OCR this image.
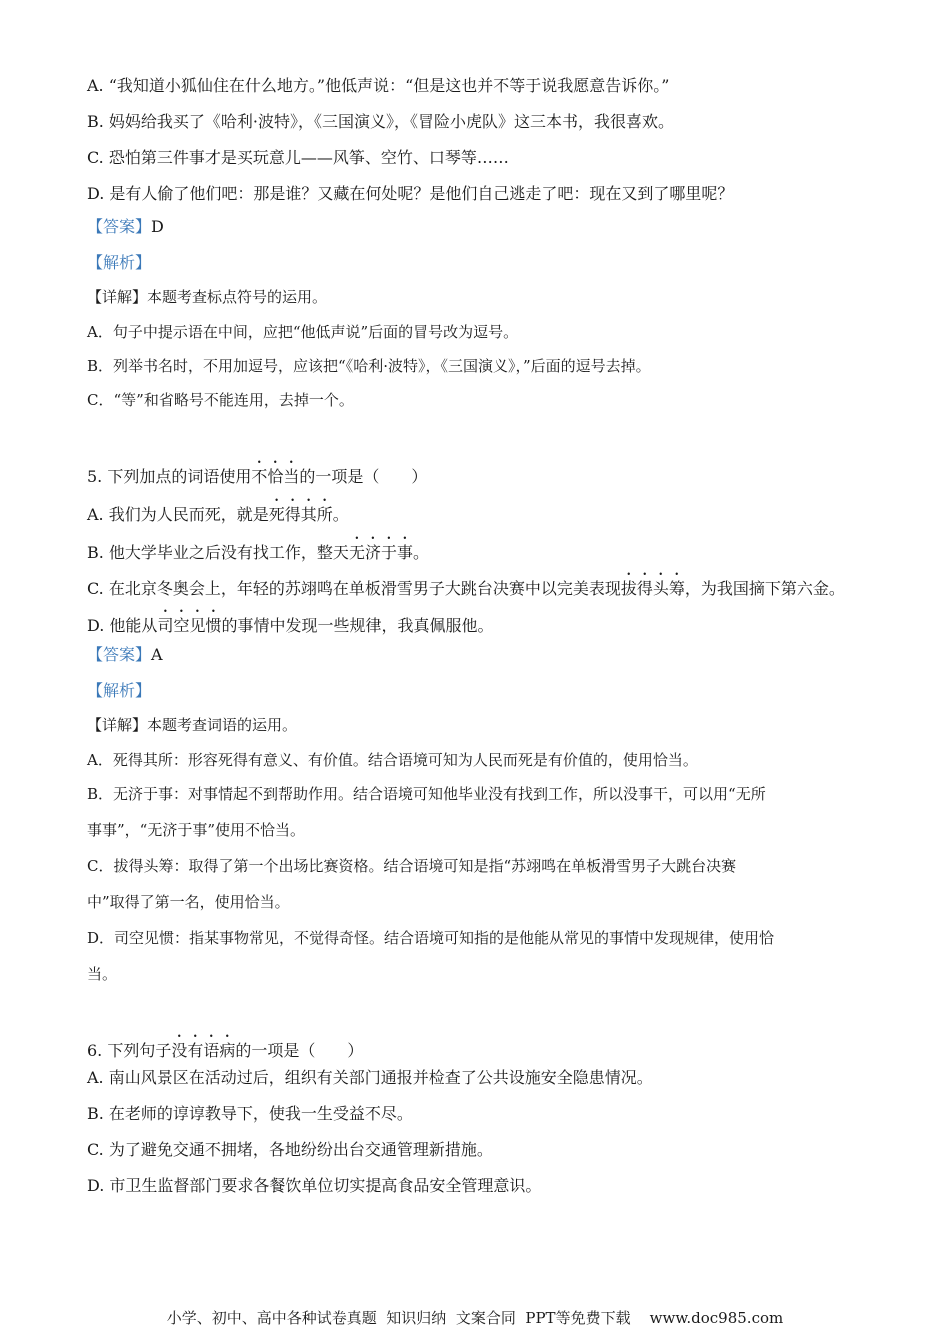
A. “我知道小狐仙住在什么地方。”他低声说：“但是这也并不等于说我愿意告诉你。”
B. 妈妈给我买了《哈利·波特》，《三国演义》，《冒险小虎队》这三本书，我很喜欢。
C. 恐怕第三件事才是买玩意儿——风筝、空竹、口琴等……
D. 是有人偷了他们吧：那是谁？又藏在何处呢？是他们自己逃走了吧：现在又到了哪里呢？
【答案】D
【解析】
【详解】本题考查标点符号的运用。
A．句子中提示语在中间，应把“他低声说”后面的冒号改为逗号。
B．列举书名时，不用加逗号，应该把“《哈利·波特》，《三国演义》，”后面的逗号去掉。
C．“等”和省略号不能连用，去掉一个。
5. 下列加点的词语使用不恰当的一项是（　　）
A. 我们为人民而死，就是死得其所。
B. 他大学毕业之后没有找工作，整天无济于事。
C. 在北京冬奥会上，年轻的苏翊鸣在单板滑雪男子大跳台决赛中以完美表现拔得头筹，为我国摘下第六金。
D. 他能从司空见惯的事情中发现一些规律，我真佩服他。
【答案】A
【解析】
【详解】本题考查词语的运用。
A．死得其所：形容死得有意义、有价值。结合语境可知为人民而死是有价值的，使用恰当。
B．无济于事：对事情起不到帮助作用。结合语境可知他毕业没有找到工作，所以没事干，可以用“无所
事事”，“无济于事”使用不恰当。
C．拔得头筹：取得了第一个出场比赛资格。结合语境可知是指“苏翊鸣在单板滑雪男子大跳台决赛
中”取得了第一名，使用恰当。
D．司空见惯：指某事物常见，不觉得奇怪。结合语境可知指的是他能从常见的事情中发现规律，使用恰
当。
6. 下列句子没有语病的一项是（　　）
A. 南山风景区在活动过后，组织有关部门通报并检查了公共设施安全隐患情况。
B. 在老师的谆谆教导下，使我一生受益不尽。
C. 为了避免交通不拥堵，各地纷纷出台交通管理新措施。
D. 市卫生监督部门要求各餐饮单位切实提高食品安全管理意识。
小学、初中、高中各种试卷真题  知识归纳  文案合同  PPT等免费下载    www.doc985.com
